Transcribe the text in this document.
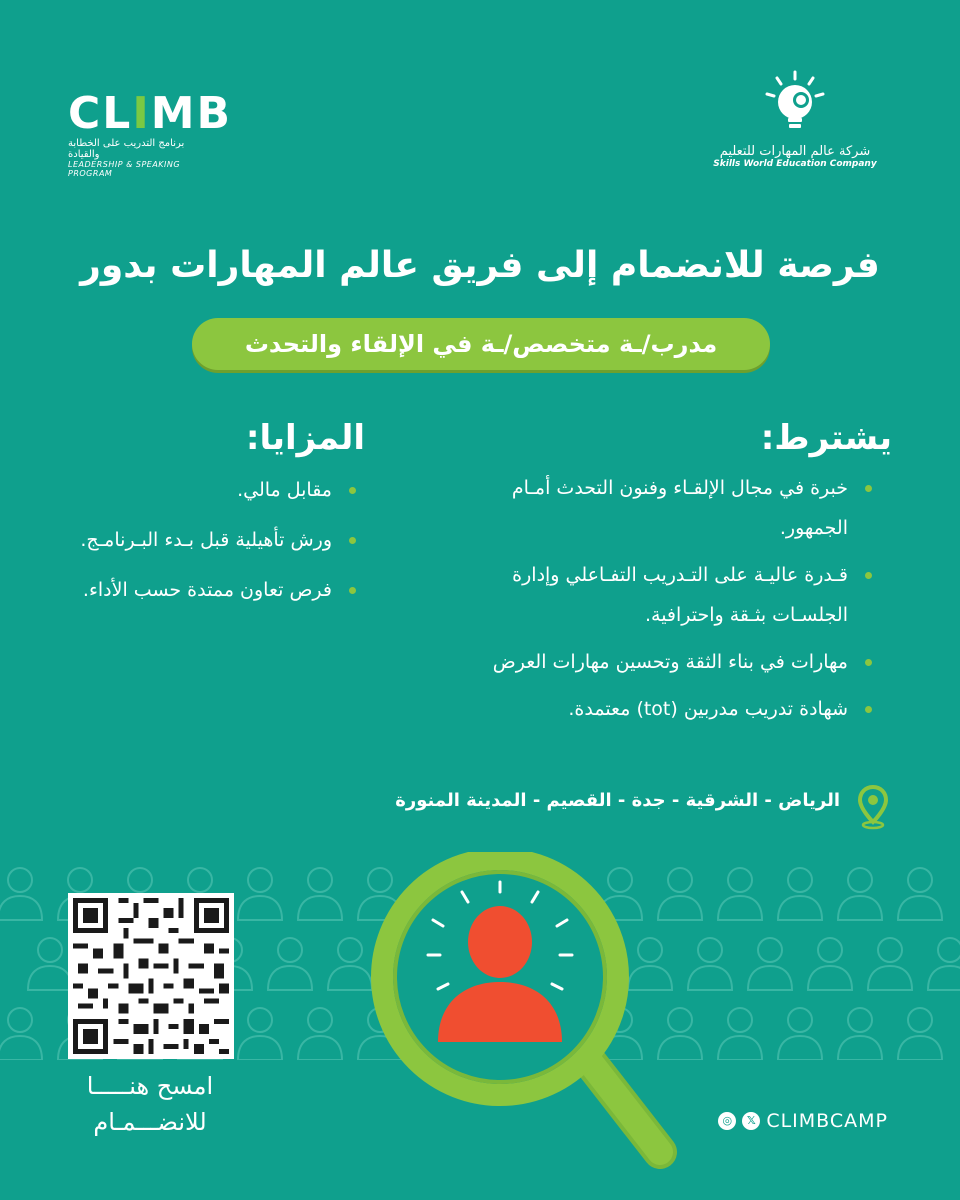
CLIMB
برنامج التدريب على الخطابة والقيادة
LEADERSHIP & SPEAKING PROGRAM
شركة عالم المهارات للتعليم
Skills World Education Company
فرصة للانضمام إلى فريق عالم المهارات بدور
مدرب/ـة متخصص/ـة في الإلقاء والتحدث
يشترط:
خبرة في مجال الإلقـاء وفنون التحدث أمـام الجمهور.
قـدرة عاليـة على التـدريب التفـاعلي وإدارة الجلسـات بثـقة واحترافية.
مهارات في بناء الثقة وتحسين مهارات العرض
شهادة تدريب مدربين (tot) معتمدة.
المزايا:
مقابل مالي.
ورش تأهيلية قبل بـدء البـرنامـج.
فرص تعاون ممتدة حسب الأداء.
الرياض - الشرقية - جدة - القصيم - المدينة المنورة
امسح هنـــــا
للانضـــمـام	◎	𝕏 CLIMBCAMP
